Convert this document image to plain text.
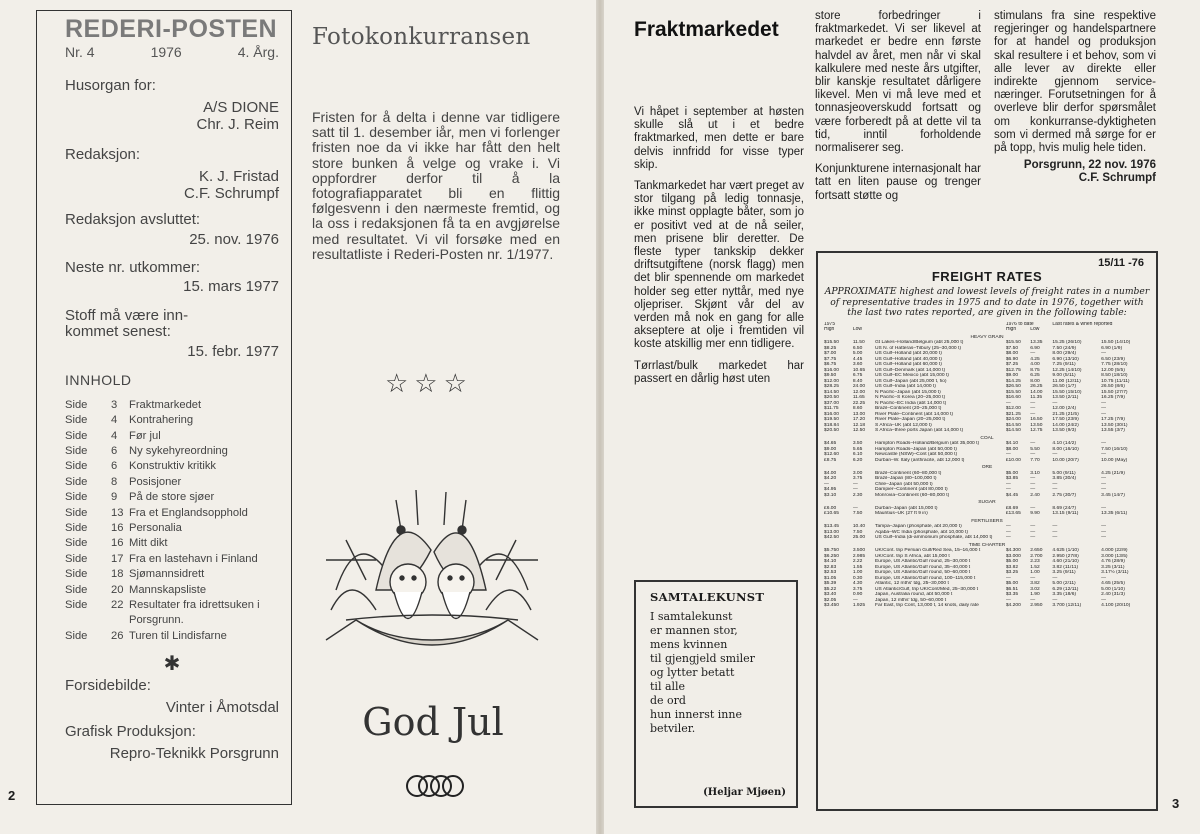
REDERI-POSTEN
Nr. 4	1976	4. Årg.
Husorgan for:
A/S DIONE
Chr. J. Reim
Redaksjon:
K. J. Fristad
C.F. Schrumpf
Redaksjon avsluttet:
25. nov. 1976
Neste nr. utkommer:
15. mars 1977
Stoff må være inn-
kommet senest:
15. febr. 1977
INNHOLD
Side	3	Fraktmarkedet
Side	4	Kontrahering
Side	4	Før jul
Side	6	Ny sykehyreordning
Side	6	Konstruktiv kritikk
Side	8	Posisjoner
Side	9	På de store sjøer
Side	13 Fra et Englandsopphold
Side	16 Personalia
Side	16 Mitt dikt
Side	17 Fra en lastehavn i Finland
Side	18 Sjømannsidrett
Side	20 Mannskapsliste
Side	22 Resultater fra idrettsuken i Porsgrunn.
Side	26 Turen til Lindisfarne
✱
Forsidebilde:
Vinter i Åmotsdal
Grafisk Produksjon:
Repro-Teknikk Porsgrunn
2
Fotokonkurransen
Fristen for å delta i denne var tidligere satt til 1. desember iår, men vi forlenger fristen noe da vi ikke har fått den helt store bunken å velge og vrake i. Vi oppfordrer derfor til å la fotografiapparatet bli en flittig følgesvenn i den nærmeste fremtid, og la oss i redaksjonen få ta en avgjørelse med resultatet. Vi vil forsøke med en resultatliste i Rederi-Posten nr. 1/1977.
☆☆☆
God Jul
Fraktmarkedet

Vi håpet i september at høsten skulle slå ut i et bedre fraktmarked, men dette er bare delvis innfridd for visse typer skip.

Tankmarkedet har vært preget av stor tilgang på ledig tonnasje, ikke minst opplagte båter, som jo er positivt ved at de nå seiler, men prisene blir deretter. De fleste typer tankskip dekker driftsutgiftene (norsk flagg) men det blir spennende om markedet holder seg etter nyttår, med nye oljepriser. Skjønt vår del av verden må nok en gang for alle akseptere at olje i fremtiden vil koste atskillig mer enn tidligere.

Tørrlast/bulk markedet har passert en dårlig høst uten

store forbedringer i fraktmarkedet. Vi ser likevel at markedet er bedre enn første halvdel av året, men når vi skal kalkulere med neste års utgifter, blir kanskje resultatet dårligere likevel. Men vi må leve med et tonnasjeoverskudd fortsatt og være forberedt på at dette vil ta tid, inntil forholdende normaliserer seg.

Konjunkturene internasjonalt har tatt en liten pause og trenger fortsatt støtte og

stimulans fra sine respektive regjeringer og handelspartnere for at handel og produksjon skal resultere i et behov, som vi alle lever av direkte eller indirekte gjennom service-næringer. Forutsetningen for å overleve blir derfor spørsmålet om konkurranse-dyktigheten som vi dermed må sørge for er på topp, hvis mulig hele tiden.

Porsgrunn, 22 nov. 1976
C.F. Schrumpf
SAMTALEKUNST
I samtalekunst
er mannen stor,
mens kvinnen
til gjengjeld smiler
og lytter betatt
til alle
de ord
hun innerst inne
betviler.
(Heljar Mjøen)
15/11 -76
FREIGHT RATES
APPROXIMATE highest and lowest levels of freight rates in a number of representative trades in 1975 and to date in 1976, together with the last two rates reported, are given in the following table:
1975			1976 to date		Last rates & when reported	
High	Low		High	Low		
HEAVY GRAIN						
$15.50	11.50	Gt Lakes–Holland/Belgium (abt 25,000 t)	$15.50	13.35	15.25 (26/10)	15.50 (14/10)
$8.25	6.50	US N. of Hatteras–Tilbury (25–30,000 t)	$7.50	6.90	7.50 (24/9)	6.90 (1/9)
$7.00	5.00	US Gulf–Holland (abt 20,000 t)	$8.00	—	8.00 (29/4)	—
$7.75	4.45	US Gulf–Holland (abt 40,000 t)	$6.90	4.25	6.90 (13/10)	6.50 (23/9)
$6.75	3.60	US Gulf–Holland (abt 60,000 t)	$7.25	4.00	7.25 (9/11)	7.75 (28/10)
$16.00	10.65	US Gulf–Denmark (abt 14,000 t)	$12.75	8.75	12.25 (14/10)	12.00 (5/5)
$9.50	6.75	US Gulf–EC Mexico (abt 15,000 t)	$9.00	6.25	9.00 (5/11)	8.50 (18/10)
$12.00	8.40	US Gulf–Japan (abt 25,000 t, fio)	$14.25	8.00	11.00 (12/11)	10.75 (11/11)
$28.25	24.00	US Gulf–India (abt 14,000 t)	$26.50	26.25	26.50 (1/7)	26.50 (8/6)
$14.50	12.00	N Pacific–Japan (abt 15,000 t)	$15.50	14.00	15.50 (15/10)	15.50 (27/7)
$20.50	11.65	N Pacific–S Korea (20–25,000 t)	$16.60	11.35	13.50 (2/11)	16.25 (7/9)
$37.00	22.25	N Pacific–EC India (abt 14,000 t)	—	—	—	—
$11.75	8.60	Brazil–Continent (20–25,000 t)	$12.00	—	12.00 (2/4)	—
$16.00	13.00	River Plate–Continent (abt 14,000 t)	$21.25	—	21.25 (21/5)	—
$19.50	17.20	River Plate–Japan (20–25,000 t)	$24.00	16.50	17.50 (23/9)	17.25 (7/9)
$18.84	12.18	S Africa–UK (abt 12,000 t)	$14.50	13.50	14.00 (24/2)	13.50 (30/1)
$20.50	12.50	S Africa–three ports Japan (abt 14,000 t)	$14.50	12.75	13.50 (9/3)	13.55 (3/7)
COAL						
$4.65	3.50	Hampton Roads–Holland/Belgium (abt 35,000 t)	$4.10	—	4.10 (14/2)	—
$9.00	5.65	Hampton Roads–Japan (abt 50,000 t)	$8.00	5.50	8.00 (16/10)	7.50 (16/10)
$12.60	6.10	Newcastle (NSW)–Cont (abt 50,000 t)	—	—	—	—
£8.75	6.20	Durban–W. Italy (anthracite, abt 12,000 t)	£10.00	7.70	10.00 (20/7)	10.00 (May)
ORE						
$4.00	3.00	Brazil–Continent (60–80,000 t)	$5.00	3.10	5.00 (9/11)	4.25 (21/9)
$4.20	3.75	Brazil–Japan (80–100,000 t)	$3.85	—	3.85 (30/4)	—
—	—	Chile–Japan (abt 50,000 t)	—	—	—	—
$4.95	—	Dampier–Continent (abt 80,000 t)	—	—	—	—
$3.10	2.30	Monrovia–Continent (60–80,000 t)	$4.45	2.40	2.75 (30/7)	3.45 (14/7)
SUGAR						
£6.00	—	Durban–Japan (abt 15,000 t)	£8.69	—	8.69 (24/7)	—
£10.65	7.50	Mauritius–UK (27 ft 9 in)	£13.65	9.90	13.15 (9/11)	13.35 (6/11)
FERTILISERS						
$13.45	10.40	Tampa–Japan (phosphate, abt 20,000 t)	—	—	—	—
$13.00	7.50	Aqaba–WC India (phosphate, abt 10,000 t)	—	—	—	—
$42.50	25.00	US Gulf–India (di-ammonium phosphate, abt 14,000 t)	—	—	—	—
TIME CHARTER						
$5.750	3.500	UK/Cont. trip Persian Gulf/Red Sea, 15–16,000 t	$4.300	2.650	4.625 (1/10)	4.000 (22/9)
$6.250	2.985	UK/Cont. trip S Africa, abt 15,000 t	$3.000	2.700	2.950 (27/8)	3.000 (13/5)
$4.10	2.22	Europe, US Atlantic/Gulf round, 25–30,000 t	$5.00	2.23	4.60 (21/10)	4.76 (28/9)
$2.83	1.55	Europe, US Atlantic/Gulf round, 35–40,000 t	$3.82	1.52	3.82 (11/11)	3.25 (3/11)
$2.53	1.00	Europe, US Atlantic/Gulf round, 50–60,000 t	$3.25	1.00	3.25 (9/11)	3.17½ (3/11)
$1.05	0.30	Europe, US Atlantic/Gulf round, 100–115,000 t	—	—	—	—
$5.39	4.30	Atlantic, 12 mths' tdg, 25–30,000 t	$5.00	3.82	5.00 (2/11)	4.65 (25/5)
$5.22	3.75	US Atlantic/Gulf, trip UK/Cont/Med, 25–30,000 t	$6.51	3.02	6.29 (12/11)	5.00 (1/10)
$3.40	0.90	Japan, Australia round, abt 50,000 t	$3.35	1.90	3.35 (18/6)	2.40 (31/3)
$2.05	—	Japan, 12 mths' tdg, 50–60,000 t	—	—	—	—
$3.450	1.925	Far East, trip Cont, 13,000 t, 14 knots, daily rate	$4.200	2.950	3.700 (12/11)	4.100 (20/10)
3
